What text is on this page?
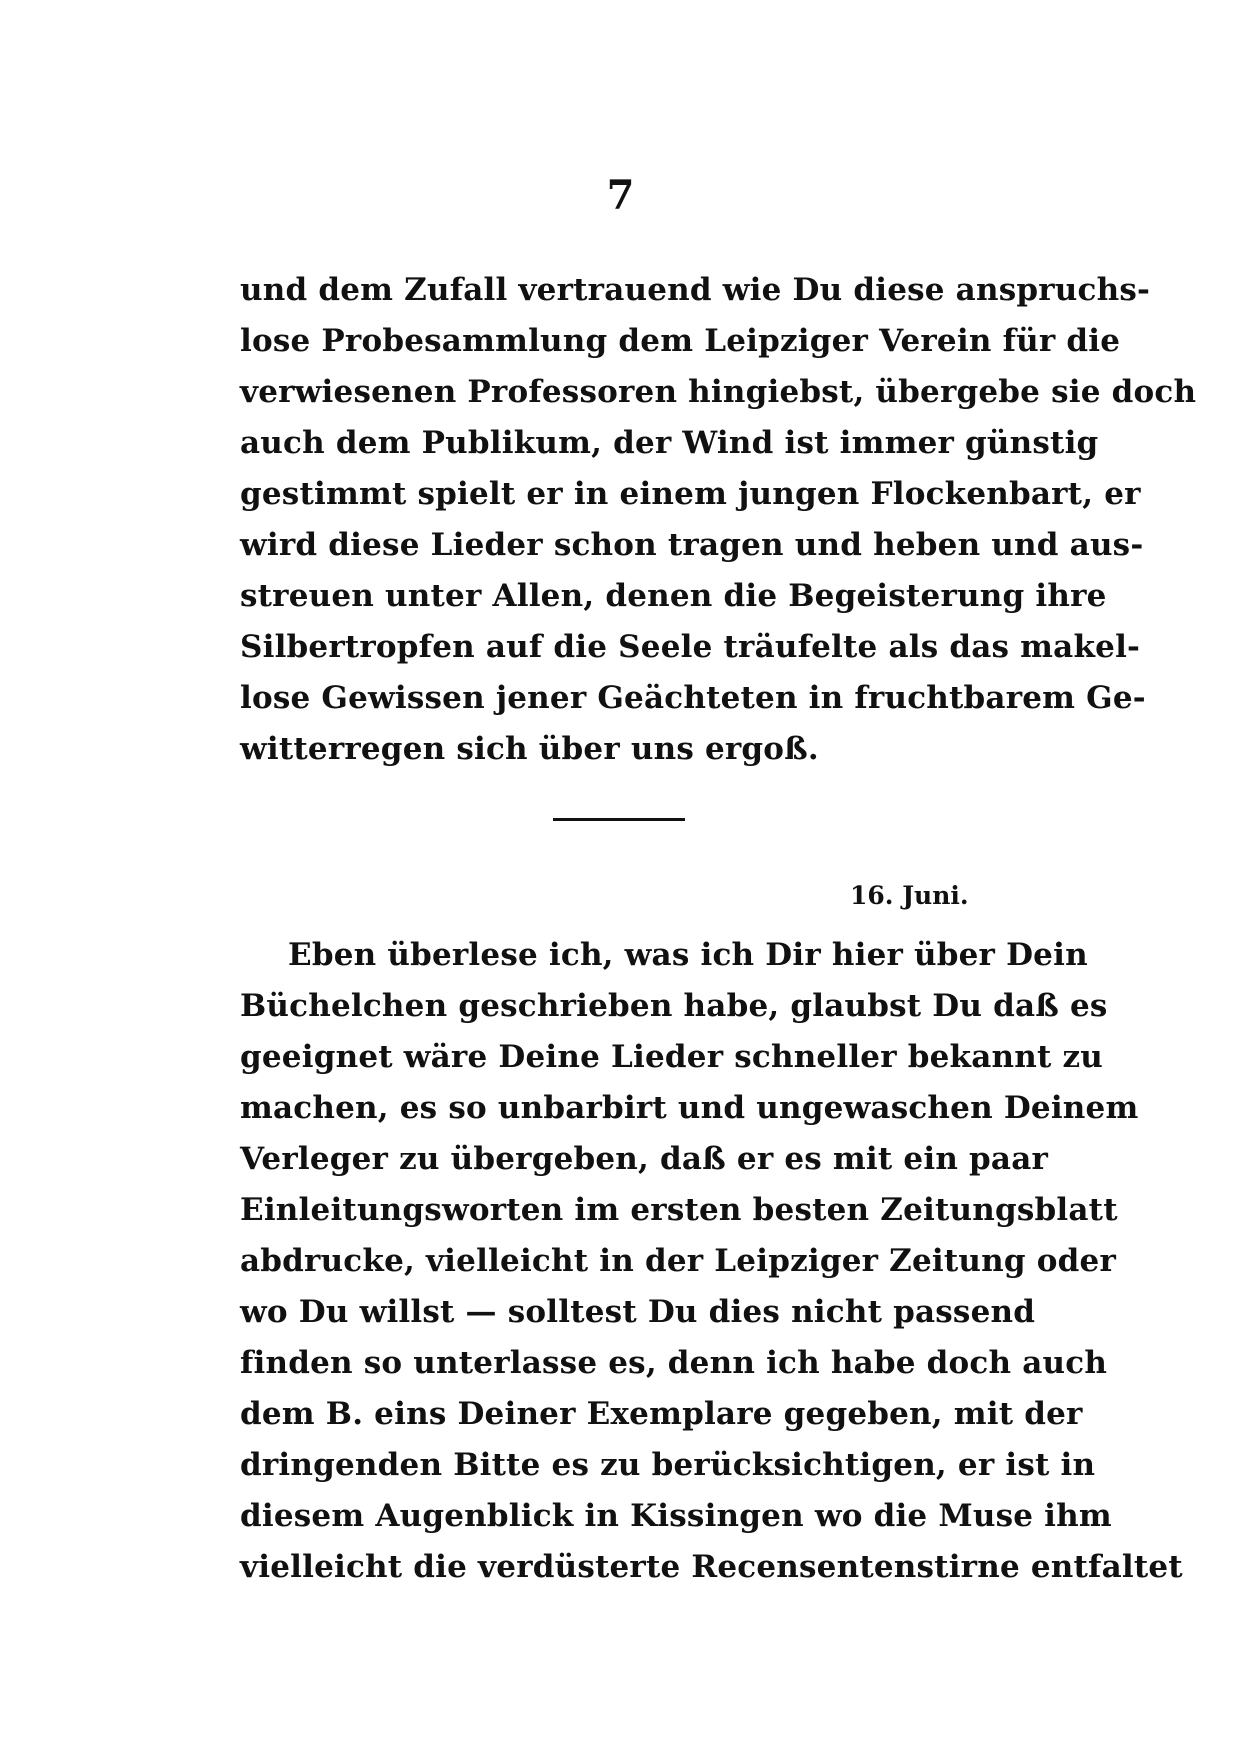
7
und dem Zufall vertrauend wie Du diese anspruchs-
lose Probesammlung dem Leipziger Verein für die
verwiesenen Professoren hingiebst, übergebe sie doch
auch dem Publikum, der Wind ist immer günstig
gestimmt spielt er in einem jungen Flockenbart, er
wird diese Lieder schon tragen und heben und aus-
streuen unter Allen, denen die Begeisterung ihre
Silbertropfen auf die Seele träufelte als das makel-
lose Gewissen jener Geächteten in fruchtbarem Ge-
witterregen sich über uns ergoß.
16. Juni.
Eben überlese ich, was ich Dir hier über Dein
Büchelchen geschrieben habe, glaubst Du daß es
geeignet wäre Deine Lieder schneller bekannt zu
machen, es so unbarbirt und ungewaschen Deinem
Verleger zu übergeben, daß er es mit ein paar
Einleitungsworten im ersten besten Zeitungsblatt
abdrucke, vielleicht in der Leipziger Zeitung oder
wo Du willst — solltest Du dies nicht passend
finden so unterlasse es, denn ich habe doch auch
dem B. eins Deiner Exemplare gegeben, mit der
dringenden Bitte es zu berücksichtigen, er ist in
diesem Augenblick in Kissingen wo die Muse ihm
vielleicht die verdüsterte Recensentenstirne entfaltet
